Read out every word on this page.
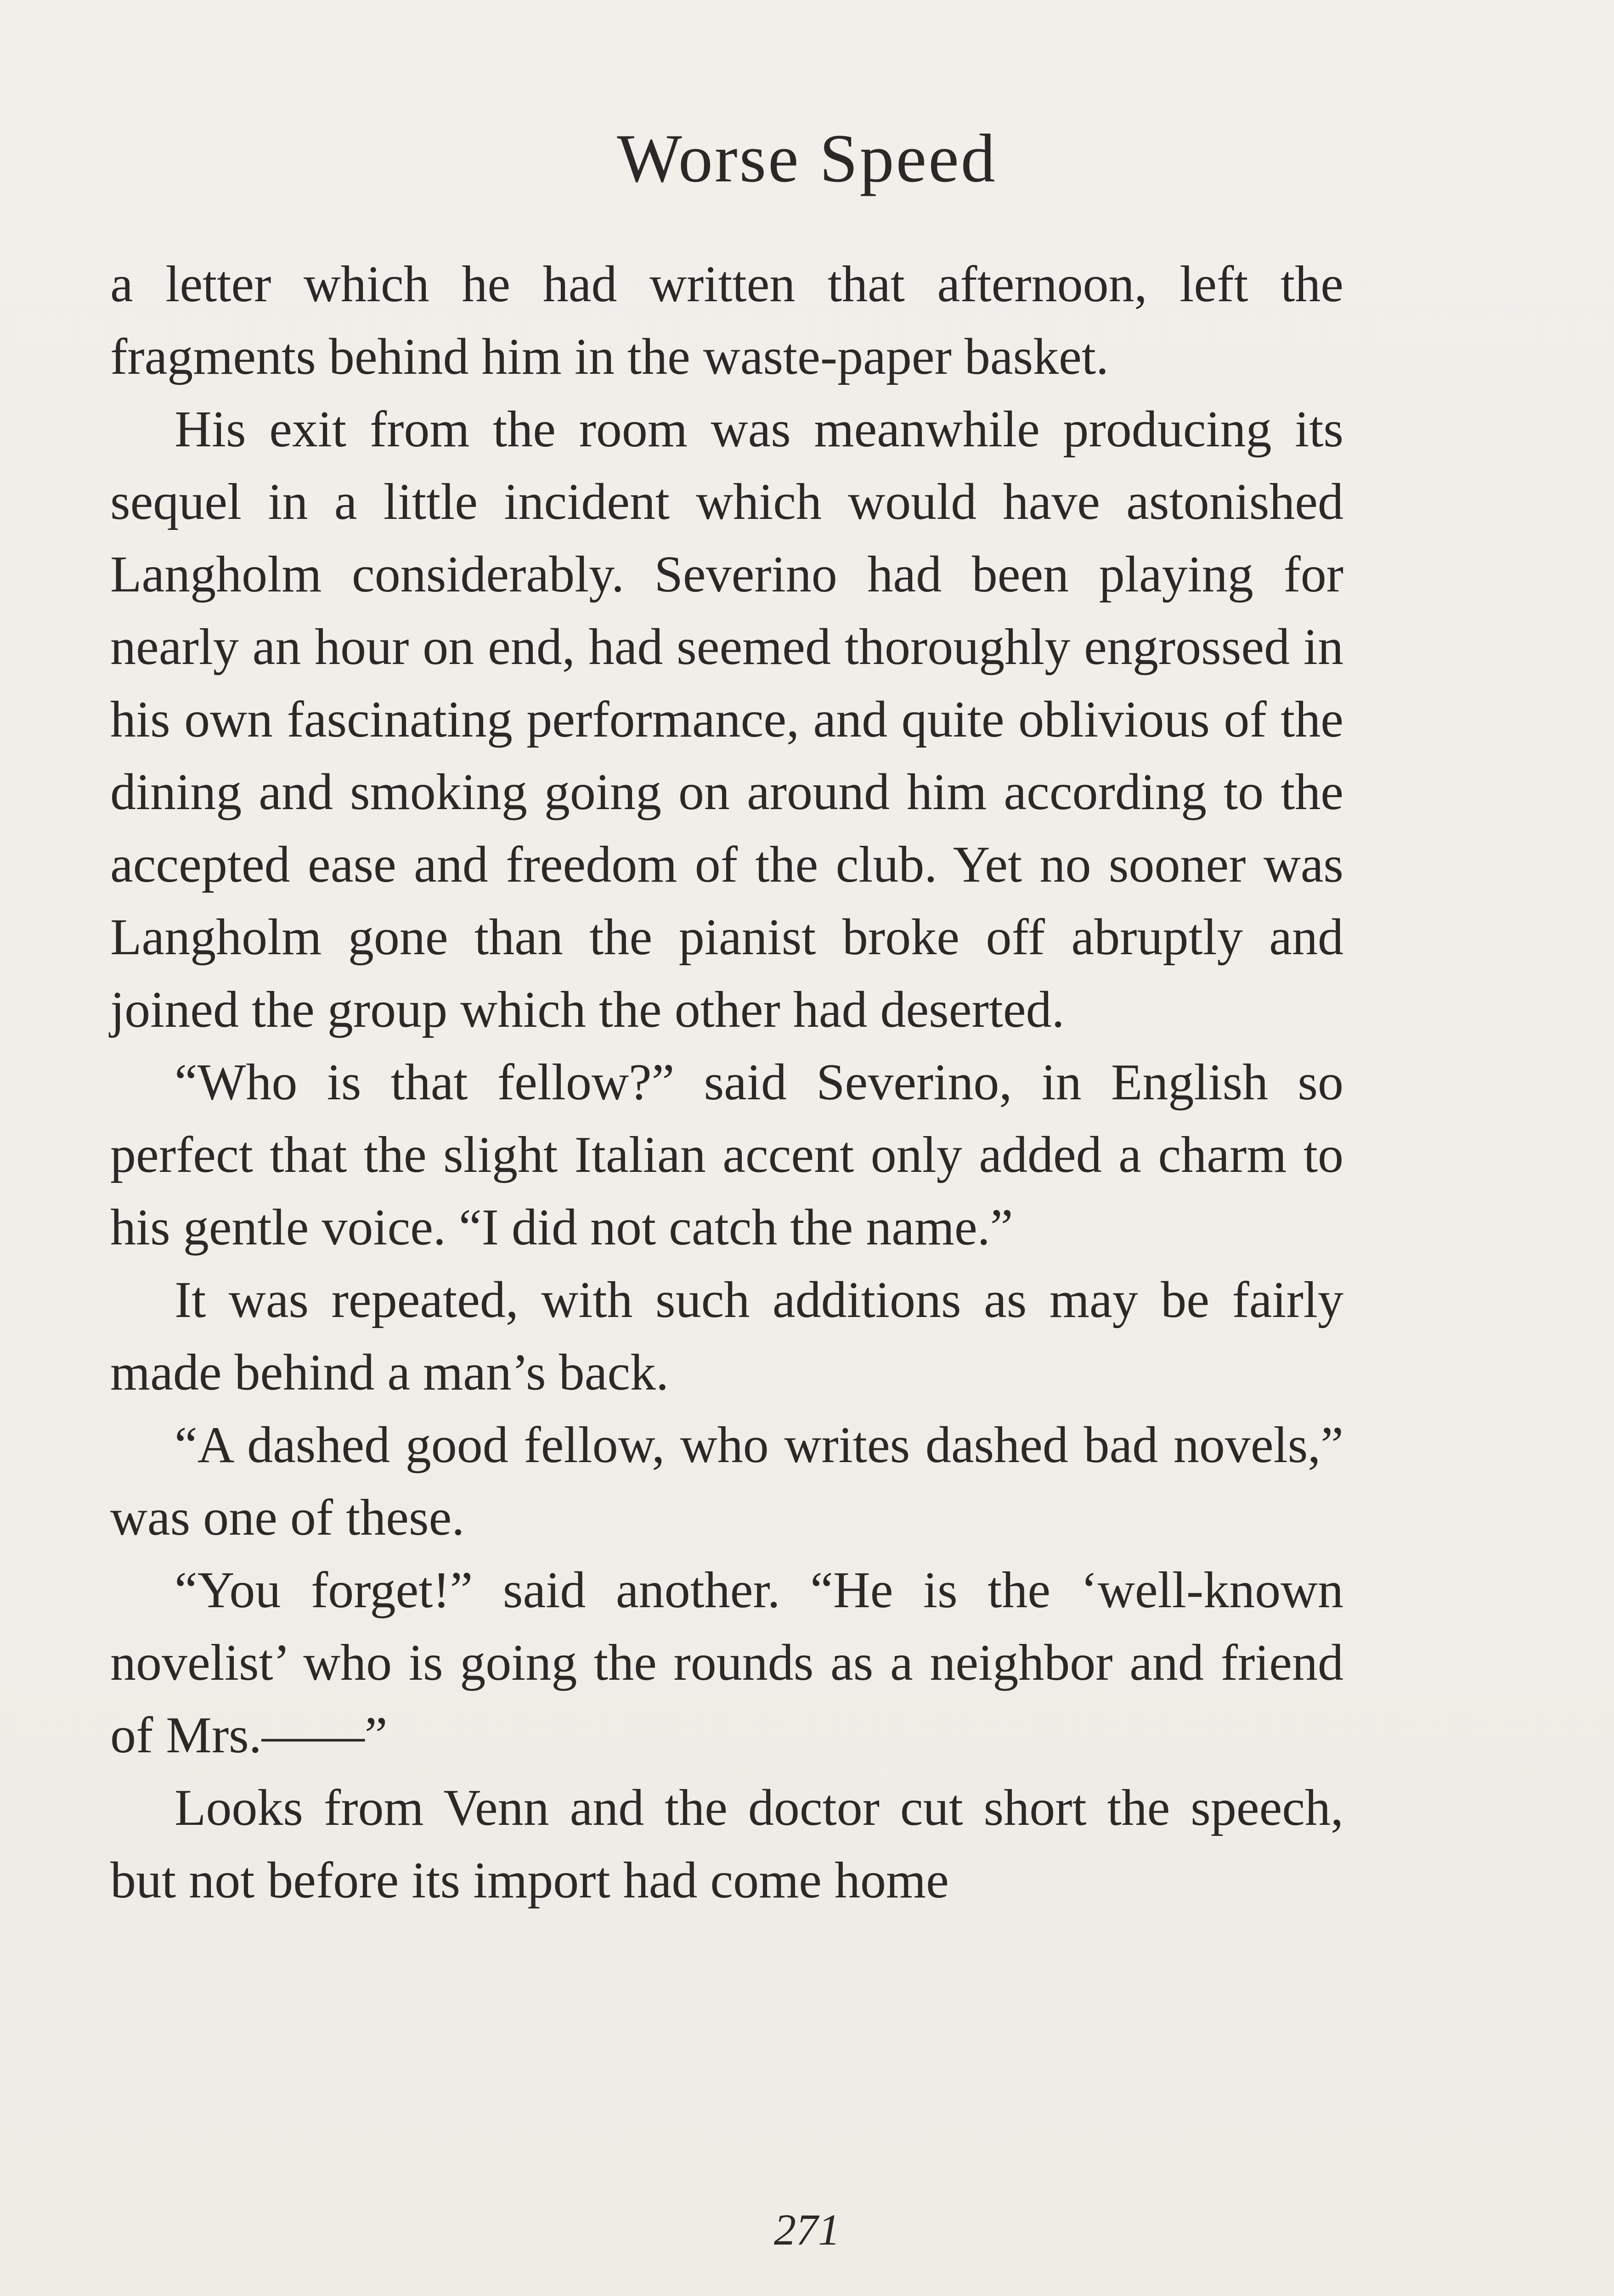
Worse Speed

a letter which he had written that afternoon, left the fragments behind him in the waste-paper basket.

His exit from the room was meanwhile producing its sequel in a little incident which would have astonished Langholm considerably. Severino had been playing for nearly an hour on end, had seemed thoroughly engrossed in his own fascinating performance, and quite oblivious of the dining and smoking going on around him according to the accepted ease and freedom of the club. Yet no sooner was Langholm gone than the pianist broke off abruptly and joined the group which the other had deserted.

“Who is that fellow?” said Severino, in English so perfect that the slight Italian accent only added a charm to his gentle voice. “I did not catch the name.”

It was repeated, with such additions as may be fairly made behind a man’s back.

“A dashed good fellow, who writes dashed bad novels,” was one of these.

“You forget!” said another. “He is the ‘well-known novelist’ who is going the rounds as a neighbor and friend of Mrs.——”

Looks from Venn and the doctor cut short the speech, but not before its import had come home

271
